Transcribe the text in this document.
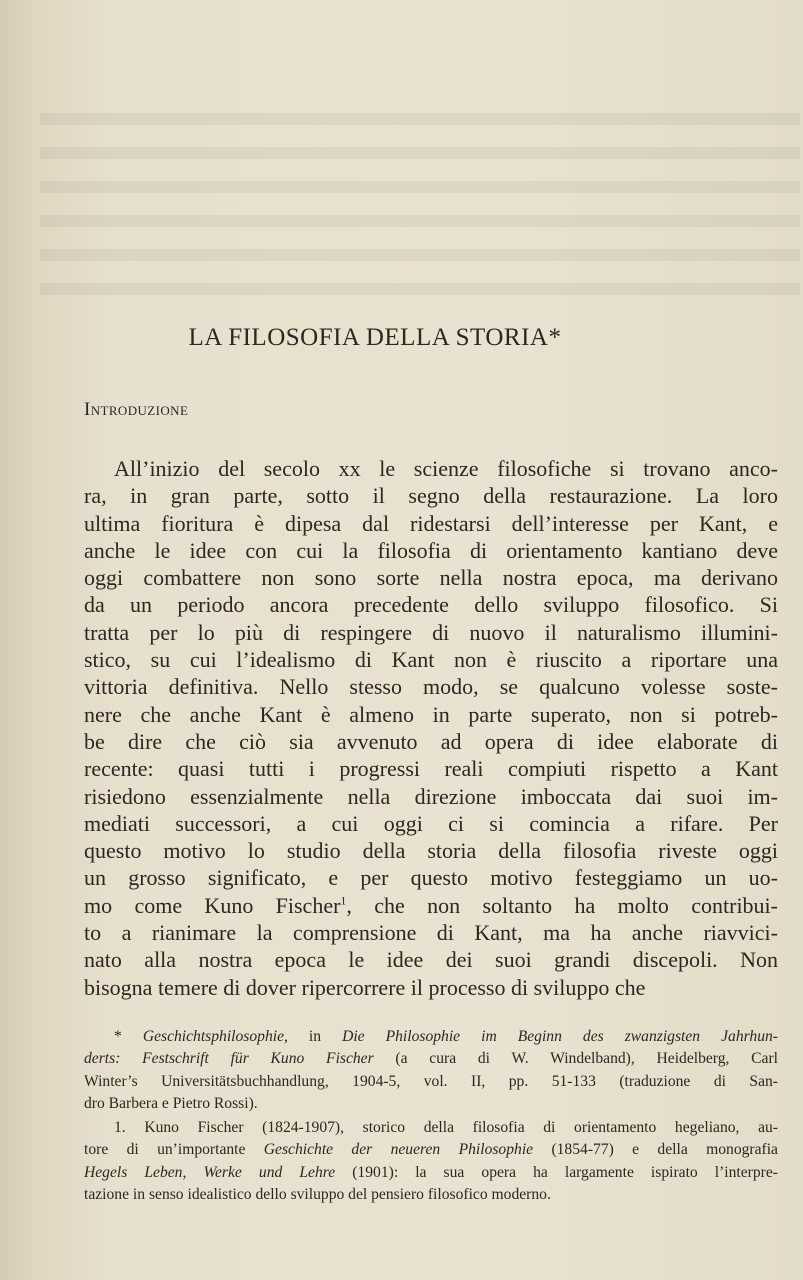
LA FILOSOFIA DELLA STORIA*
Introduzione
All’inizio del secolo xx le scienze filosofiche si trovano anco-
ra, in gran parte, sotto il segno della restaurazione. La loro
ultima fioritura è dipesa dal ridestarsi dell’interesse per Kant, e
anche le idee con cui la filosofia di orientamento kantiano deve
oggi combattere non sono sorte nella nostra epoca, ma derivano
da un periodo ancora precedente dello sviluppo filosofico. Si
tratta per lo più di respingere di nuovo il naturalismo illumini-
stico, su cui l’idealismo di Kant non è riuscito a riportare una
vittoria definitiva. Nello stesso modo, se qualcuno volesse soste-
nere che anche Kant è almeno in parte superato, non si potreb-
be dire che ciò sia avvenuto ad opera di idee elaborate di
recente: quasi tutti i progressi reali compiuti rispetto a Kant
risiedono essenzialmente nella direzione imboccata dai suoi im-
mediati successori, a cui oggi ci si comincia a rifare. Per
questo motivo lo studio della storia della filosofia riveste oggi
un grosso significato, e per questo motivo festeggiamo un uo-
mo come Kuno Fischer$^1$, che non soltanto ha molto contribui-
to a rianimare la comprensione di Kant, ma ha anche riavvici-
nato alla nostra epoca le idee dei suoi grandi discepoli. Non
bisogna temere di dover ripercorrere il processo di sviluppo che
* Geschichtsphilosophie, in Die Philosophie im Beginn des zwanzigsten Jahrhun-
derts: Festschrift für Kuno Fischer (a cura di W. Windelband), Heidelberg, Carl
Winter’s Universitätsbuchhandlung, 1904-5, vol. II, pp. 51-133 (traduzione di San-
dro Barbera e Pietro Rossi).
1. Kuno Fischer (1824-1907), storico della filosofia di orientamento hegeliano, au-
tore di un’importante Geschichte der neueren Philosophie (1854-77) e della monografia
Hegels Leben, Werke und Lehre (1901): la sua opera ha largamente ispirato l’interpre-
tazione in senso idealistico dello sviluppo del pensiero filosofico moderno.
